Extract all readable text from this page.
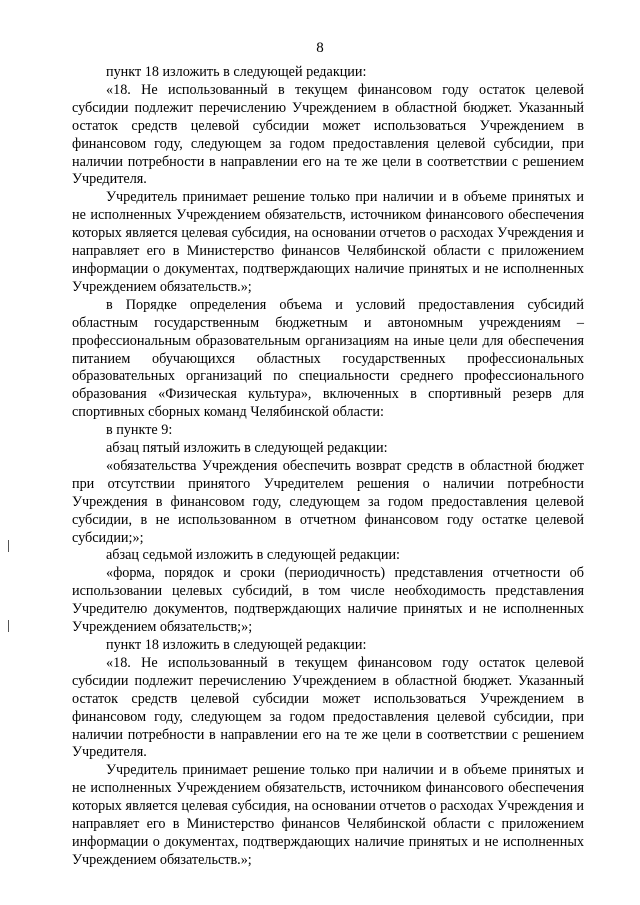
8

пункт 18 изложить в следующей редакции:

«18. Не использованный в текущем финансовом году остаток целевой субсидии подлежит перечислению Учреждением в областной бюджет. Указанный остаток средств целевой субсидии может использоваться Учреждением в финансовом году, следующем за годом предоставления целевой субсидии, при наличии потребности в направлении его на те же цели в соответствии с решением Учредителя.

Учредитель принимает решение только при наличии и в объеме принятых и не исполненных Учреждением обязательств, источником финансового обеспечения которых является целевая субсидия, на основании отчетов о расходах Учреждения и направляет его в Министерство финансов Челябинской области с приложением информации о документах, подтверждающих наличие принятых и не исполненных Учреждением обязательств.»;

в Порядке определения объема и условий предоставления субсидий областным государственным бюджетным и автономным учреждениям – профессиональным образовательным организациям на иные цели для обеспечения питанием обучающихся областных государственных профессиональных образовательных организаций по специальности среднего профессионального образования «Физическая культура», включенных в спортивный резерв для спортивных сборных команд Челябинской области:

в пункте 9:

абзац пятый изложить в следующей редакции:

«обязательства Учреждения обеспечить возврат средств в областной бюджет при отсутствии принятого Учредителем решения о наличии потребности Учреждения в финансовом году, следующем за годом предоставления целевой субсидии, в не использованном в отчетном финансовом году остатке целевой субсидии;»;

абзац седьмой изложить в следующей редакции:

«форма, порядок и сроки (периодичность) представления отчетности об использовании целевых субсидий, в том числе необходимость представления Учредителю документов, подтверждающих наличие принятых и не исполненных Учреждением обязательств;»;

пункт 18 изложить в следующей редакции:

«18. Не использованный в текущем финансовом году остаток целевой субсидии подлежит перечислению Учреждением в областной бюджет. Указанный остаток средств целевой субсидии может использоваться Учреждением в финансовом году, следующем за годом предоставления целевой субсидии, при наличии потребности в направлении его на те же цели в соответствии с решением Учредителя.

Учредитель принимает решение только при наличии и в объеме принятых и не исполненных Учреждением обязательств, источником финансового обеспечения которых является целевая субсидия, на основании отчетов о расходах Учреждения и направляет его в Министерство финансов Челябинской области с приложением информации о документах, подтверждающих наличие принятых и не исполненных Учреждением обязательств.»;
